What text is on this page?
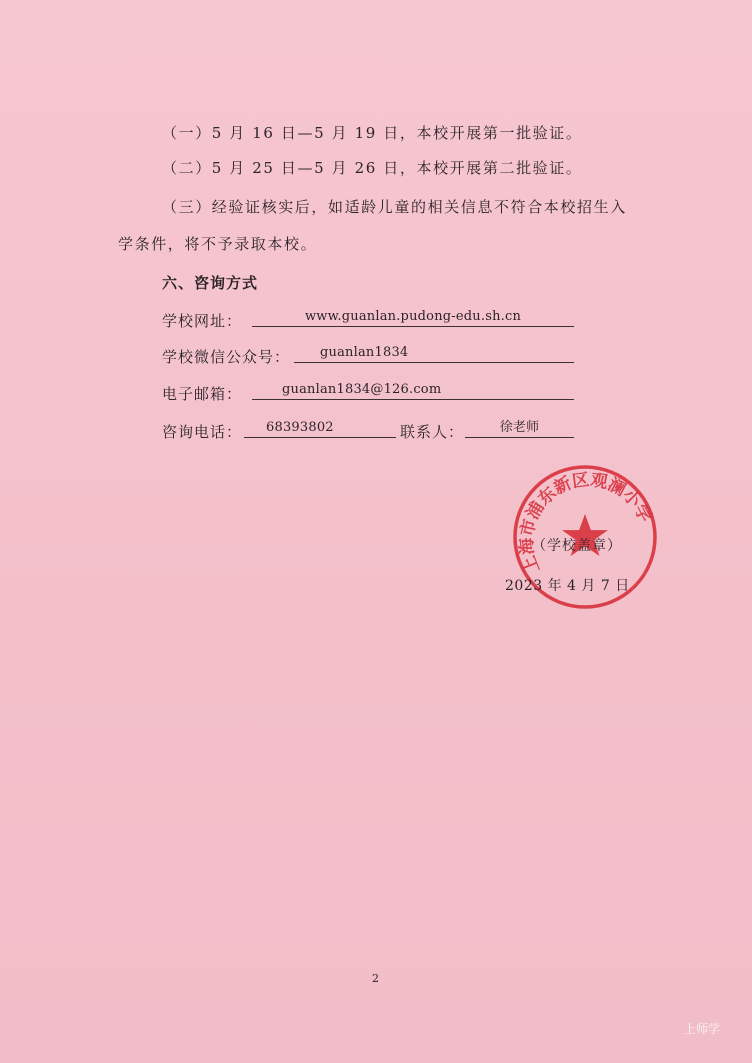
（一）5 月 16 日—5 月 19 日，本校开展第一批验证。
（二）5 月 25 日—5 月 26 日，本校开展第二批验证。
（三）经验证核实后，如适龄儿童的相关信息不符合本校招生入
学条件，将不予录取本校。
六、咨询方式
学校网址：	www.guanlan.pudong-edu.sh.cn
学校微信公众号： guanlan1834
电子邮箱：	guanlan1834@126.com
咨询电话： 68393802	联系人：	徐老师
上海市浦东新区观澜小学
（学校盖章）
2023 年 4 月 7 日
2
上师学
